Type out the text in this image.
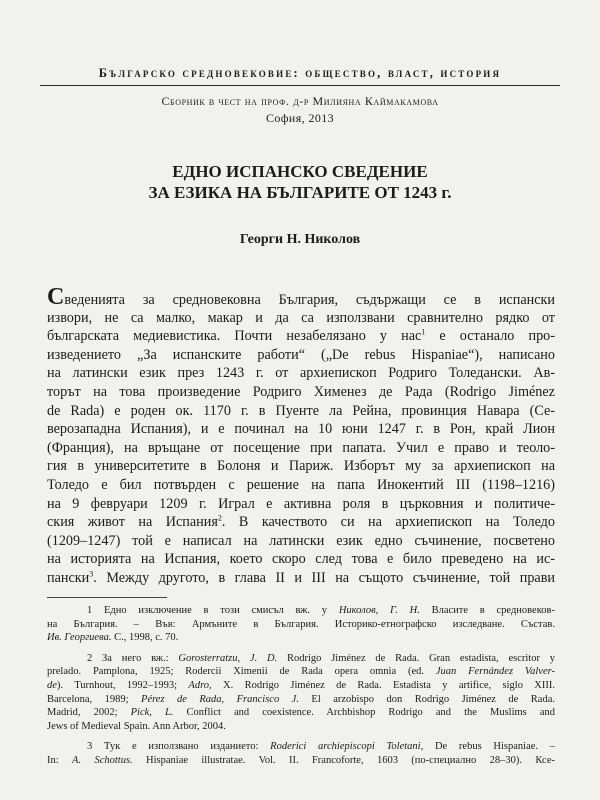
Българско средновековие: общество, власт, история
Сборник в чест на проф. д-р Милияна Каймакамова
София, 2013
ЕДНО ИСПАНСКО СВЕДЕНИЕ
ЗА ЕЗИКА НА БЪЛГАРИТЕ ОТ 1243 г.
Георги Н. Николов
Сведенията за средновековна България, съдържащи се в испански
извори, не са малко, макар и да са използвани сравнително рядко от
българската медиевистика. Почти незабелязано у нас$^1$ е останало про-
изведението „За испанските работи“ („De rebus Hispaniae“), написано
на латински език през 1243 г. от архиепископ Родриго Толедански. Ав-
торът на това произведение Родриго Хименез де Рада (Rodrigo Jiménez
de Rada) е роден ок. 1170 г. в Пуенте ла Рейна, провинция Навара (Се-
верозападна Испания), и е починал на 10 юни 1247 г. в Рон, край Лион
(Франция), на връщане от посещение при папата. Учил е право и теоло-
гия в университетите в Болоня и Париж. Изборът му за архиепископ на
Толедо е бил потвърден с решение на папа Инокентий III (1198–1216)
на 9 февруари 1209 г. Играл е активна роля в църковния и политиче-
ския живот на Испания$^2$. В качеството си на архиепископ на Толедо
(1209–1247) той е написал на латински език едно съчинение, посветено
на историята на Испания, което скоро след това е било преведено на ис-
пански$^3$. Между другото, в глава II и III на същото съчинение, той прави
1 Едно изключение в този смисъл вж. у Николов, Г. Н. Власите в средновеков-
на България. – Във: Армъните в България. Историко-етнографско изследване. Състав.
Ив. Георгиева. С., 1998, с. 70.
2 За него вж.: Gorosterratzu, J. D. Rodrigo Jiménez de Rada. Gran estadista, escritor y
prelado. Pamplona, 1925; Rodercii Ximenii de Rada opera omnia (ed. Juan Fernández Valver-
de). Turnhout, 1992–1993; Adro, X. Rodrigo Jiménez de Rada. Estadista y artifice, siglo XIII.
Barcelona, 1989; Pérez de Rada, Francisco J. El arzobispo don Rodrigo Jiménez de Rada.
Madrid, 2002; Pick, L. Conflict and coexistence. Archbishop Rodrigo and the Muslims and
Jews of Medieval Spain. Ann Arbor, 2004.
3 Тук е използвано изданието: Roderici archiepiscopi Toletani, De rebus Hispaniae. –
In: A. Schottus. Hispaniae illustratae. Vol. II. Francoforte, 1603 (по-специално 28–30). Ксе-
